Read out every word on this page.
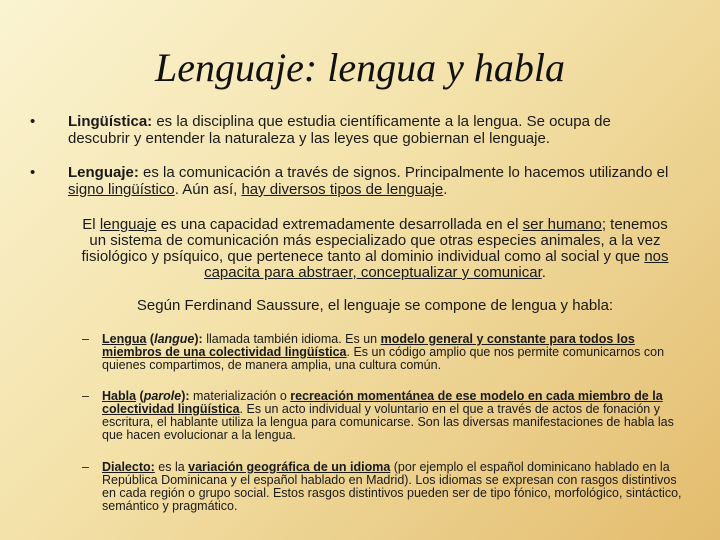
Lenguaje: lengua y habla
• Lingüística: es la disciplina que estudia científicamente a la lengua. Se ocupa de descubrir y entender la naturaleza y las leyes que gobiernan el lenguaje.
• Lenguaje: es la comunicación a través de signos. Principalmente lo hacemos utilizando el signo lingüístico. Aún así, hay diversos tipos de lenguaje.
El lenguaje es una capacidad extremadamente desarrollada en el ser humano; tenemos un sistema de comunicación más especializado que otras especies animales, a la vez fisiológico y psíquico, que pertenece tanto al dominio individual como al social y que nos capacita para abstraer, conceptualizar y comunicar.
Según Ferdinand Saussure, el lenguaje se compone de lengua y habla:
– Lengua (langue): llamada también idioma. Es un modelo general y constante para todos los miembros de una colectividad lingüística. Es un código amplio que nos permite comunicarnos con quienes compartimos, de manera amplia, una cultura común.
– Habla (parole): materialización o recreación momentánea de ese modelo en cada miembro de la colectividad lingüística. Es un acto individual y voluntario en el que a través de actos de fonación y escritura, el hablante utiliza la lengua para comunicarse. Son las diversas manifestaciones de habla las que hacen evolucionar a la lengua.
– Dialecto: es la variación geográfica de un idioma (por ejemplo el español dominicano hablado en la República Dominicana y el español hablado en Madrid). Los idiomas se expresan con rasgos distintivos en cada región o grupo social. Estos rasgos distintivos pueden ser de tipo fónico, morfológico, sintáctico, semántico y pragmático.
